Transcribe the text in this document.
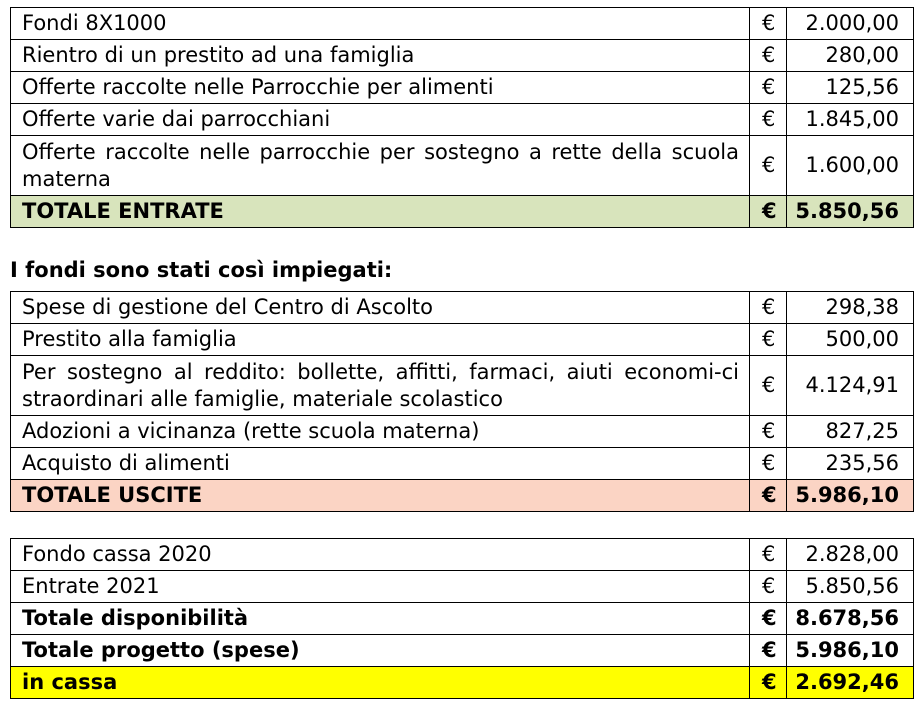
Fondi 8X1000	€	2.000,00
Rientro di un prestito ad una famiglia	€	280,00
Offerte raccolte nelle Parrocchie per alimenti	€	125,56
Offerte varie dai parrocchiani	€	1.845,00
Offerte raccolte nelle parrocchie per sostegno a rette della scuola materna	€	1.600,00
TOTALE ENTRATE	€	5.850,56
I fondi sono stati così impiegati:
Spese di gestione del Centro di Ascolto	€	298,38
Prestito alla famiglia	€	500,00
Per sostegno al reddito: bollette, affitti, farmaci, aiuti economi-ci straordinari alle famiglie, materiale scolastico	€	4.124,91
Adozioni a vicinanza (rette scuola materna)	€	827,25
Acquisto di alimenti	€	235,56
TOTALE USCITE	€	5.986,10
Fondo cassa 2020	€	2.828,00
Entrate 2021	€	5.850,56
Totale disponibilità	€	8.678,56
Totale progetto (spese)	€	5.986,10
in cassa	€	2.692,46
